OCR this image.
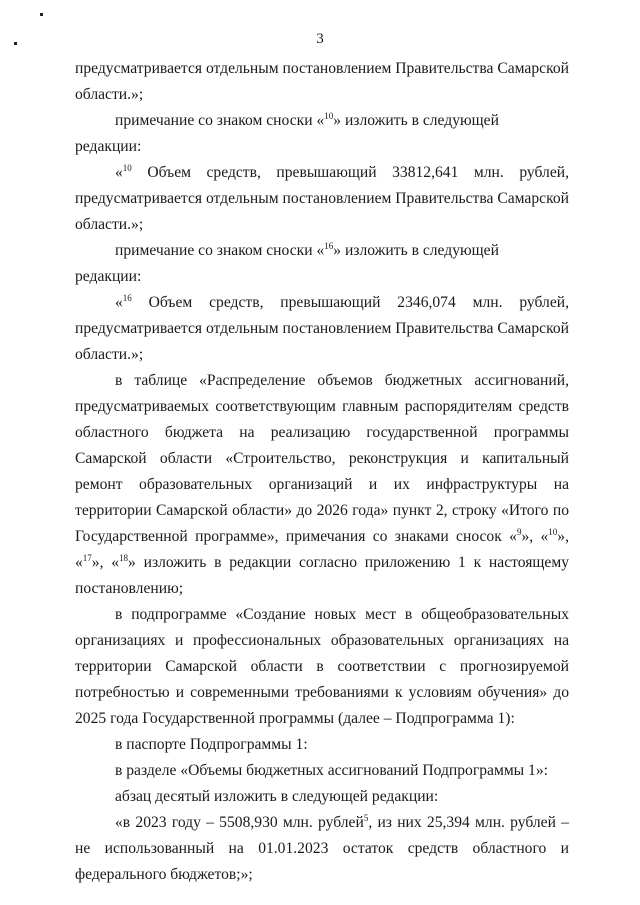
3

предусматривается отдельным постановлением Правительства Самарской

области.»;

примечание со знаком сноски «$^{10}$» изложить в следующей редакции:

«$^{10}$ Объем средств, превышающий 33812,641 млн. рублей,

предусматривается отдельным постановлением Правительства Самарской

области.»;

примечание со знаком сноски «$^{16}$» изложить в следующей редакции:

«$^{16}$ Объем средств, превышающий 2346,074 млн. рублей,

предусматривается отдельным постановлением Правительства Самарской

области.»;

в таблице «Распределение объемов бюджетных ассигнований, предусматриваемых соответствующим главным распорядителям средств областного бюджета на реализацию государственной программы Самарской области «Строительство, реконструкция и капитальный ремонт образовательных организаций и их инфраструктуры на территории Самарской области» до 2026 года» пункт 2, строку «Итого по Государственной программе», примечания со знаками сносок «$^9$», «$^{10}$», «$^{17}$», «$^{18}$» изложить в редакции согласно приложению 1 к настоящему постановлению;

в подпрограмме «Создание новых мест в общеобразовательных организациях и профессиональных образовательных организациях на территории Самарской области в соответствии с прогнозируемой потребностью и современными требованиями к условиям обучения» до 2025 года Государственной программы (далее – Подпрограмма 1):

в паспорте Подпрограммы 1:

в разделе «Объемы бюджетных ассигнований Подпрограммы 1»:

абзац десятый изложить в следующей редакции:

«в 2023 году – 5508,930 млн. рублей$^5$, из них 25,394 млн. рублей – не использованный на 01.01.2023 остаток средств областного и федерального бюджетов;»;
